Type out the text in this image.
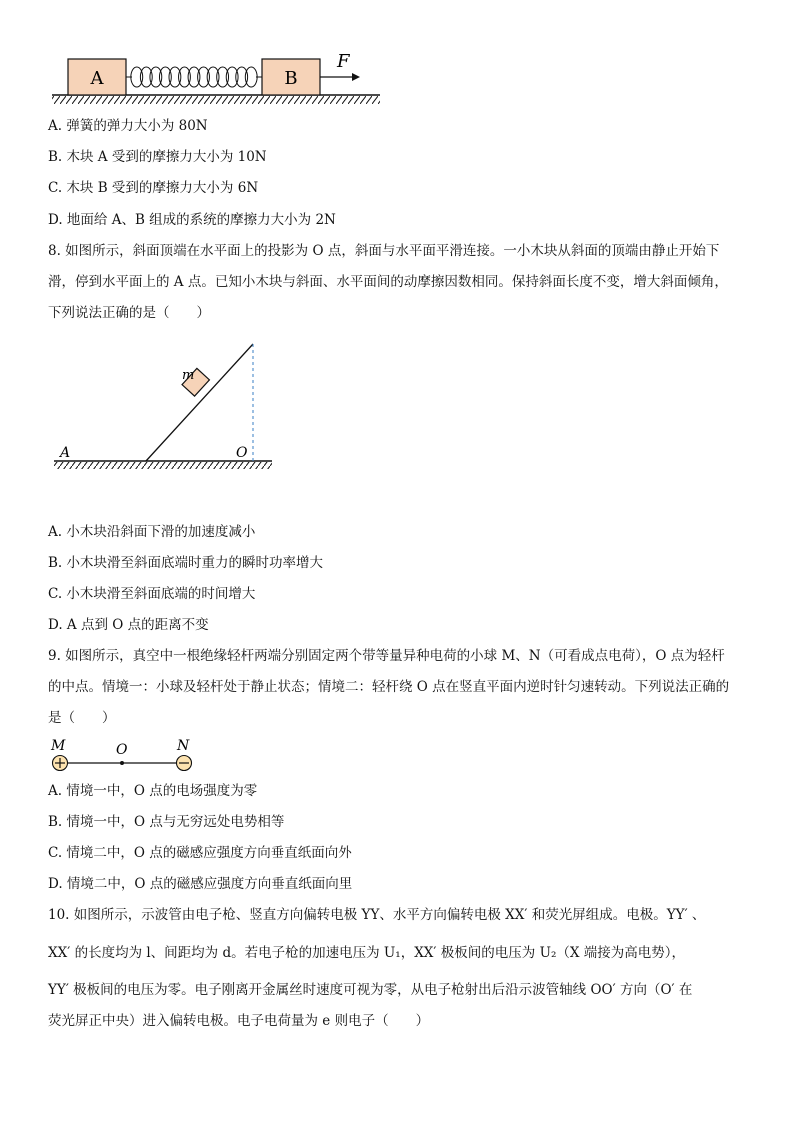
A	B
F
A. 弹簧的弹力大小为 80N
B. 木块 A 受到的摩擦力大小为 10N
C. 木块 B 受到的摩擦力大小为 6N
D. 地面给 A、B 组成的系统的摩擦力大小为 2N
8. 如图所示，斜面顶端在水平面上的投影为 O 点，斜面与水平面平滑连接。一小木块从斜面的顶端由静止开始下
滑，停到水平面上的 A 点。已知小木块与斜面、水平面间的动摩擦因数相同。保持斜面长度不变，增大斜面倾角，
下列说法正确的是（　　）
m
A	O
A. 小木块沿斜面下滑的加速度减小
B. 小木块滑至斜面底端时重力的瞬时功率增大
C. 小木块滑至斜面底端的时间增大
D. A 点到 O 点的距离不变
9. 如图所示，真空中一根绝缘轻杆两端分别固定两个带等量异种电荷的小球 M、N（可看成点电荷），O 点为轻杆
的中点。情境一：小球及轻杆处于静止状态；情境二：轻杆绕 O 点在竖直平面内逆时针匀速转动。下列说法正确的
是（　　）
M	O	N
A. 情境一中，O 点的电场强度为零
B. 情境一中，O 点与无穷远处电势相等
C. 情境二中，O 点的磁感应强度方向垂直纸面向外
D. 情境二中，O 点的磁感应强度方向垂直纸面向里
10. 如图所示，示波管由电子枪、竖直方向偏转电极 YY、水平方向偏转电极 XX′ 和荧光屏组成。电极。YY′ 、
XX′ 的长度均为 l、间距均为 d。若电子枪的加速电压为 U₁，XX′ 极板间的电压为 U₂（X 端接为高电势），
YY′ 极板间的电压为零。电子刚离开金属丝时速度可视为零，从电子枪射出后沿示波管轴线 OO′ 方向（O′ 在
荧光屏正中央）进入偏转电极。电子电荷量为 e 则电子（　　）
